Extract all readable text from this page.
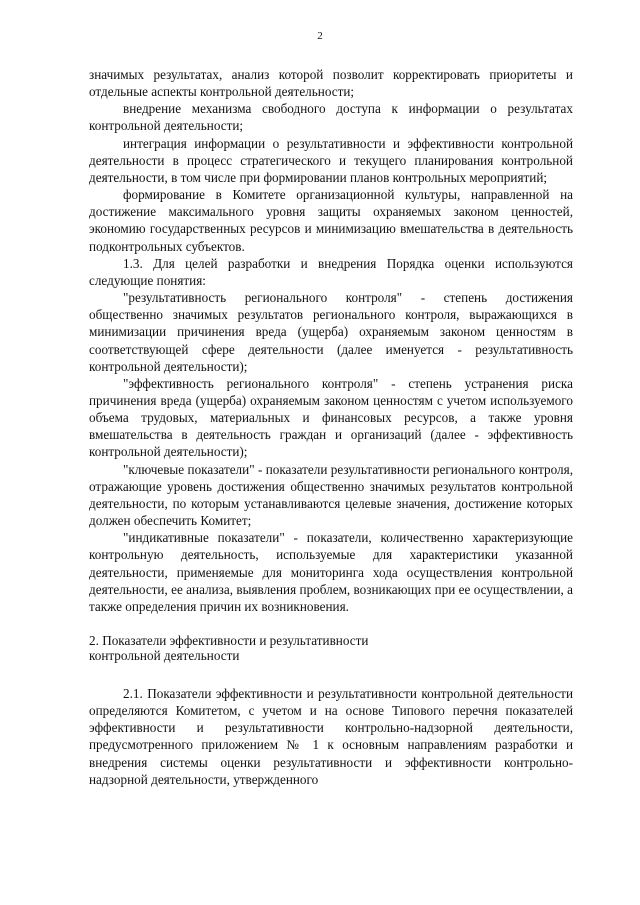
2

значимых результатах, анализ которой позволит корректировать приоритеты и отдельные аспекты контрольной деятельности;

внедрение механизма свободного доступа к информации о результатах контрольной деятельности;

интеграция информации о результативности и эффективности контрольной деятельности в процесс стратегического и текущего планирования контрольной деятельности, в том числе при формировании планов контрольных мероприятий;

формирование в Комитете организационной культуры, направленной на достижение максимального уровня защиты охраняемых законом ценностей, экономию государственных ресурсов и минимизацию вмешательства в деятельность подконтрольных субъектов.

1.3. Для целей разработки и внедрения Порядка оценки используются следующие понятия:

"результативность регионального контроля" - степень достижения общественно значимых результатов регионального контроля, выражающихся в минимизации причинения вреда (ущерба) охраняемым законом ценностям в соответствующей сфере деятельности (далее именуется - результативность контрольной деятельности);

"эффективность регионального контроля" - степень устранения риска причинения вреда (ущерба) охраняемым законом ценностям с учетом используемого объема трудовых, материальных и финансовых ресурсов, а также уровня вмешательства в деятельность граждан и организаций (далее - эффективность контрольной деятельности);

"ключевые показатели" - показатели результативности регионального контроля, отражающие уровень достижения общественно значимых результатов контрольной деятельности, по которым устанавливаются целевые значения, достижение которых должен обеспечить Комитет;

"индикативные показатели" - показатели, количественно характеризующие контрольную деятельность, используемые для характеристики указанной деятельности, применяемые для мониторинга хода осуществления контрольной деятельности, ее анализа, выявления проблем, возникающих при ее осуществлении, а также определения причин их возникновения.

2. Показатели эффективности и результативности
контрольной деятельности

2.1. Показатели эффективности и результативности контрольной деятельности определяются Комитетом, с учетом и на основе Типового перечня показателей эффективности и результативности контрольно-надзорной деятельности, предусмотренного приложением № 1 к основным направлениям разработки и внедрения системы оценки результативности и эффективности контрольно-надзорной деятельности, утвержденного
